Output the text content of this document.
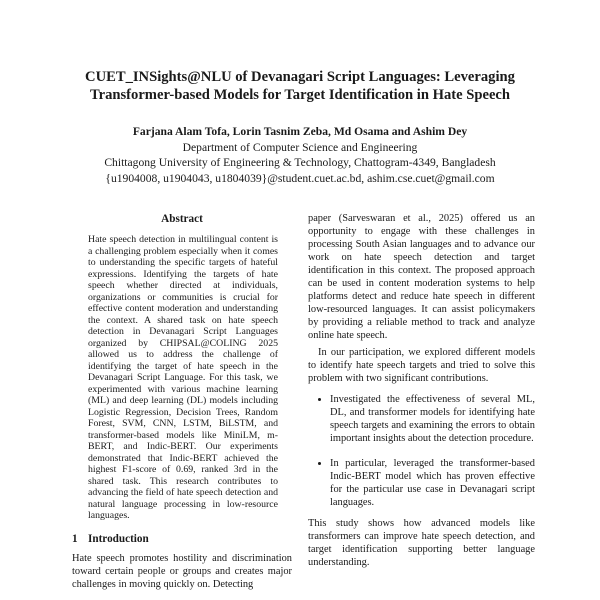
CUET_INSights@NLU of Devanagari Script Languages: Leveraging
Transformer-based Models for Target Identification in Hate Speech
Farjana Alam Tofa, Lorin Tasnim Zeba, Md Osama and Ashim Dey
Department of Computer Science and Engineering
Chittagong University of Engineering & Technology, Chattogram-4349, Bangladesh
{u1904008, u1904043, u1804039}@student.cuet.ac.bd, ashim.cse.cuet@gmail.com
Abstract

Hate speech detection in multilingual content is a challenging problem especially when it comes to understanding the specific targets of hateful expressions. Identifying the targets of hate speech whether directed at individuals, organizations or communities is crucial for effective content moderation and understanding the context. A shared task on hate speech detection in Devanagari Script Languages organized by CHIPSAL@COLING 2025 allowed us to address the challenge of identifying the target of hate speech in the Devanagari Script Language. For this task, we experimented with various machine learning (ML) and deep learning (DL) models including Logistic Regression, Decision Trees, Random Forest, SVM, CNN, LSTM, BiLSTM, and transformer-based models like MiniLM, m-BERT, and Indic-BERT. Our experiments demonstrated that Indic-BERT achieved the highest F1-score of 0.69, ranked 3rd in the shared task. This research contributes to advancing the field of hate speech detection and natural language processing in low-resource languages.

1 Introduction

Hate speech promotes hostility and discrimination toward certain people or groups and creates major challenges in moving quickly on. Detecting

paper (Sarveswaran et al., 2025) offered us an opportunity to engage with these challenges in processing South Asian languages and to advance our work on hate speech detection and target identification in this context. The proposed approach can be used in content moderation systems to help platforms detect and reduce hate speech in different low-resourced languages. It can assist policymakers by providing a reliable method to track and analyze online hate speech.

In our participation, we explored different models to identify hate speech targets and tried to solve this problem with two significant contributions.

• Investigated the effectiveness of several ML, DL, and transformer models for identifying hate speech targets and examining the errors to obtain important insights about the detection procedure.
• In particular, leveraged the transformer-based Indic-BERT model which has proven effective for the particular use case in Devanagari script languages.

This study shows how advanced models like transformers can improve hate speech detection, and target identification supporting better language understanding.
